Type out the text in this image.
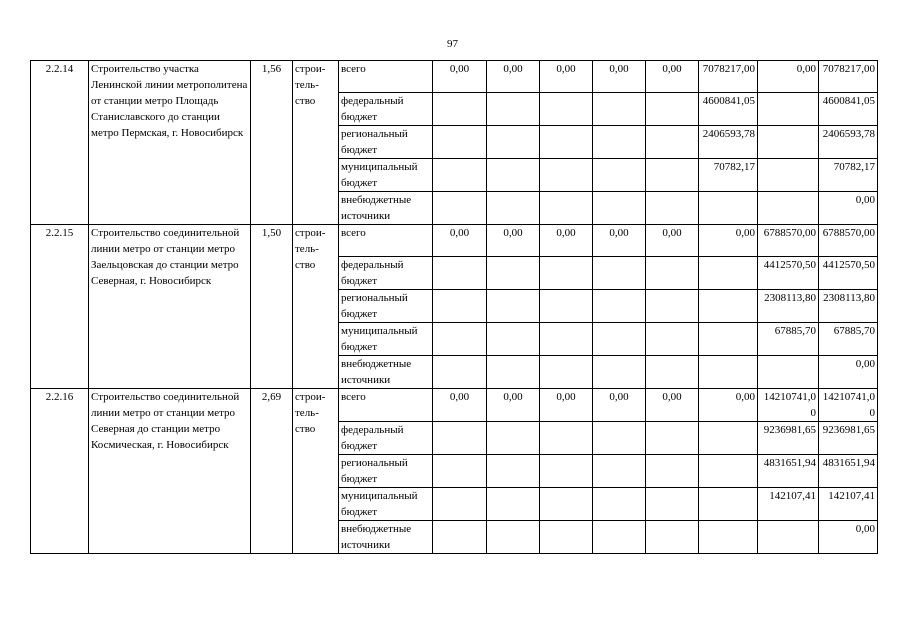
97
2.2.14	Строительство участка Ленинской линии метрополитена от станции метро Площадь Станиславского до станции метро Пермская, г. Новосибирск	1,56	строи-тель-ство	всего	0,00	0,00	0,00	0,00	0,00	7078217,00	0,00	7078217,00
				федеральный бюджет						4600841,05		4600841,05
				региональный бюджет						2406593,78		2406593,78
				муниципальный бюджет						70782,17		70782,17
				внебюджетные источники								0,00
2.2.15	Строительство соединительной линии метро от станции метро Заельцовская до станции метро Северная, г. Новосибирск	1,50	строи-тель-ство	всего	0,00	0,00	0,00	0,00	0,00	0,00	6788570,00	6788570,00
				федеральный бюджет							4412570,50	4412570,50
				региональный бюджет							2308113,80	2308113,80
				муниципальный бюджет							67885,70	67885,70
				внебюджетные источники								0,00
2.2.16	Строительство соединительной линии метро от станции метро Северная до станции метро Космическая, г. Новосибирск	2,69	строи-тель-ство	всего	0,00	0,00	0,00	0,00	0,00	0,00	14210741,00	14210741,00
				федеральный бюджет							9236981,65	9236981,65
				региональный бюджет							4831651,94	4831651,94
				муниципальный бюджет							142107,41	142107,41
				внебюджетные источники								0,00
